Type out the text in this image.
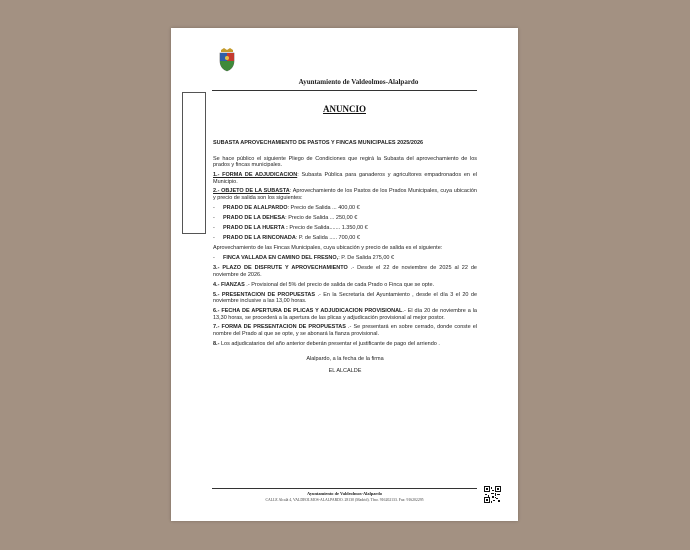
Ayuntamiento de Valdeolmos-Alalpardo

ANUNCIO

SUBASTA APROVECHAMIENTO DE PASTOS Y FINCAS MUNICIPALES 2025/2026

Se hace público el siguiente Pliego de Condiciones que regirá la Subasta del aprovechamiento de los prados y fincas municipales.

1.- FORMA DE ADJUDICACION: Subasta Pública para ganaderos y agricultores empadronados en el Municipio.

2.- OBJETO DE LA SUBASTA: Aprovechamiento de los Pastos de los Prados Municipales, cuya ubicación y precio de salida son los siguientes:

-	PRADO DE ALALPARDO: Precio de Salida ... 400,00 €

-	PRADO DE LA DEHESA: Precio de Salida ... 250,00 €

-	PRADO DE LA HUERTA : Precio de Salida....... 1.350,00 €

-	PRADO DE LA RINCONADA: P. de Salida ..... 700,00 €

Aprovechamiento de las Fincas Municipales, cuya ubicación y precio de salida es el siguiente:

-	FINCA VALLADA EN CAMINO DEL FRESNO,: P. De Salida 275,00 €

3.- PLAZO DE DISFRUTE Y APROVECHAMIENTO .- Desde el 22 de noviembre de 2025 al 22 de noviembre de 2026.

4.- FIANZAS .- Provisional del 5% del precio de salida de cada Prado o Finca que se opte.

5.- PRESENTACION DE PROPUESTAS .- En la Secretaría del Ayuntamiento , desde el día 3 el 20 de noviembre inclusive a las 13,00 horas.

6.- FECHA DE APERTURA DE PLICAS Y ADJUDICACION PROVISIONAL.- El día 20 de noviembre a la 13,30 horas, se procederá a la apertura de las plicas y adjudicación provisional al mejor postor.

7.- FORMA DE PRESENTACION DE PROPUESTAS .- Se presentará en sobre cerrado, donde conste el nombre del Prado al que se opte, y se abonará la fianza provisional.

8.- Los adjudicatarios del año anterior deberán presentar el justificante de pago del arriendo .

Alalpardo, a la fecha de la firma
EL ALCALDE
Ayuntamiento de Valdeolmos-Alalpardo
CALLE Alcalá 4, VALDEOLMOS-ALALPARDO. 28130 (Madrid). Tfno. 916202133. Fax: 916202295
